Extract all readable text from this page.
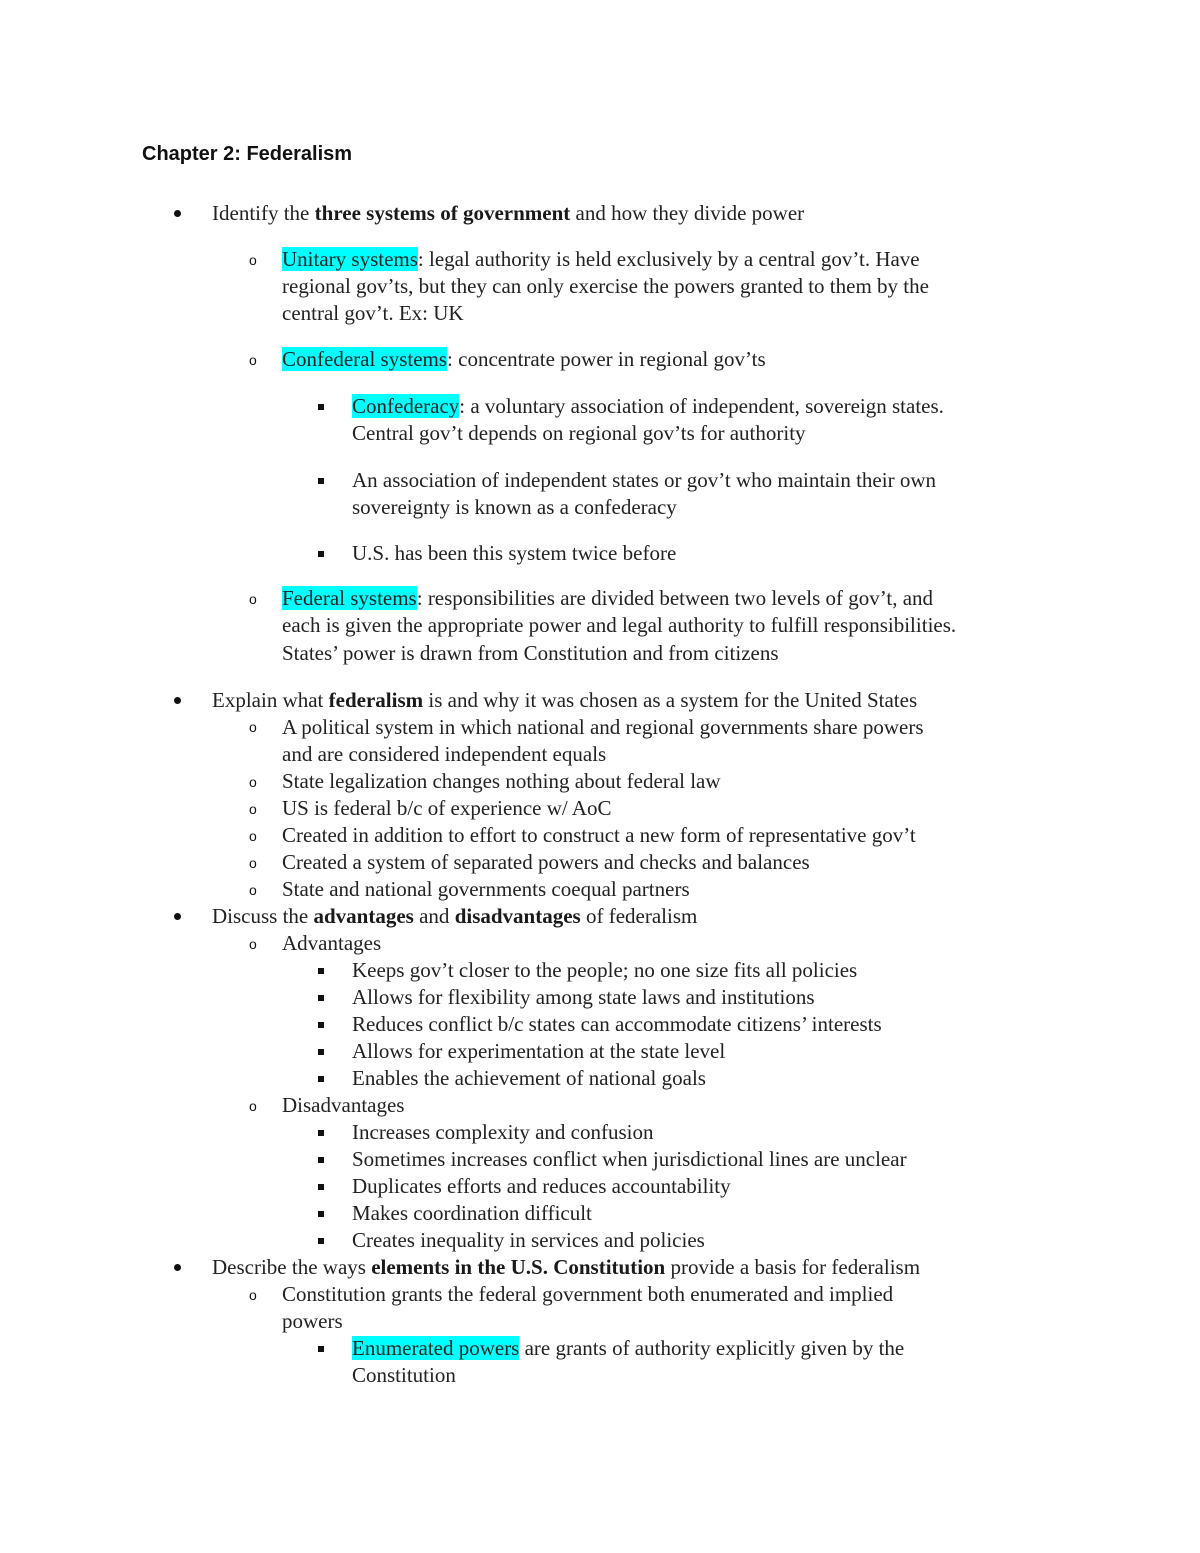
Chapter 2: Federalism

Identify the three systems of government and how they divide power

o Unitary systems: legal authority is held exclusively by a central gov’t. Have

regional gov’ts, but they can only exercise the powers granted to them by the

central gov’t. Ex: UK

o Confederal systems: concentrate power in regional gov’ts

Confederacy: a voluntary association of independent, sovereign states.

Central gov’t depends on regional gov’ts for authority

An association of independent states or gov’t who maintain their own

sovereignty is known as a confederacy

U.S. has been this system twice before

o Federal systems: responsibilities are divided between two levels of gov’t, and

each is given the appropriate power and legal authority to fulfill responsibilities.

States’ power is drawn from Constitution and from citizens

Explain what federalism is and why it was chosen as a system for the United States

o A political system in which national and regional governments share powers

and are considered independent equals

o State legalization changes nothing about federal law

o US is federal b/c of experience w/ AoC

o Created in addition to effort to construct a new form of representative gov’t

o Created a system of separated powers and checks and balances

o State and national governments coequal partners

Discuss the advantages and disadvantages of federalism

o Advantages

Keeps gov’t closer to the people; no one size fits all policies

Allows for flexibility among state laws and institutions

Reduces conflict b/c states can accommodate citizens’ interests

Allows for experimentation at the state level

Enables the achievement of national goals

o Disadvantages

Increases complexity and confusion

Sometimes increases conflict when jurisdictional lines are unclear

Duplicates efforts and reduces accountability

Makes coordination difficult

Creates inequality in services and policies

Describe the ways elements in the U.S. Constitution provide a basis for federalism

o Constitution grants the federal government both enumerated and implied

powers

Enumerated powers are grants of authority explicitly given by the

Constitution
